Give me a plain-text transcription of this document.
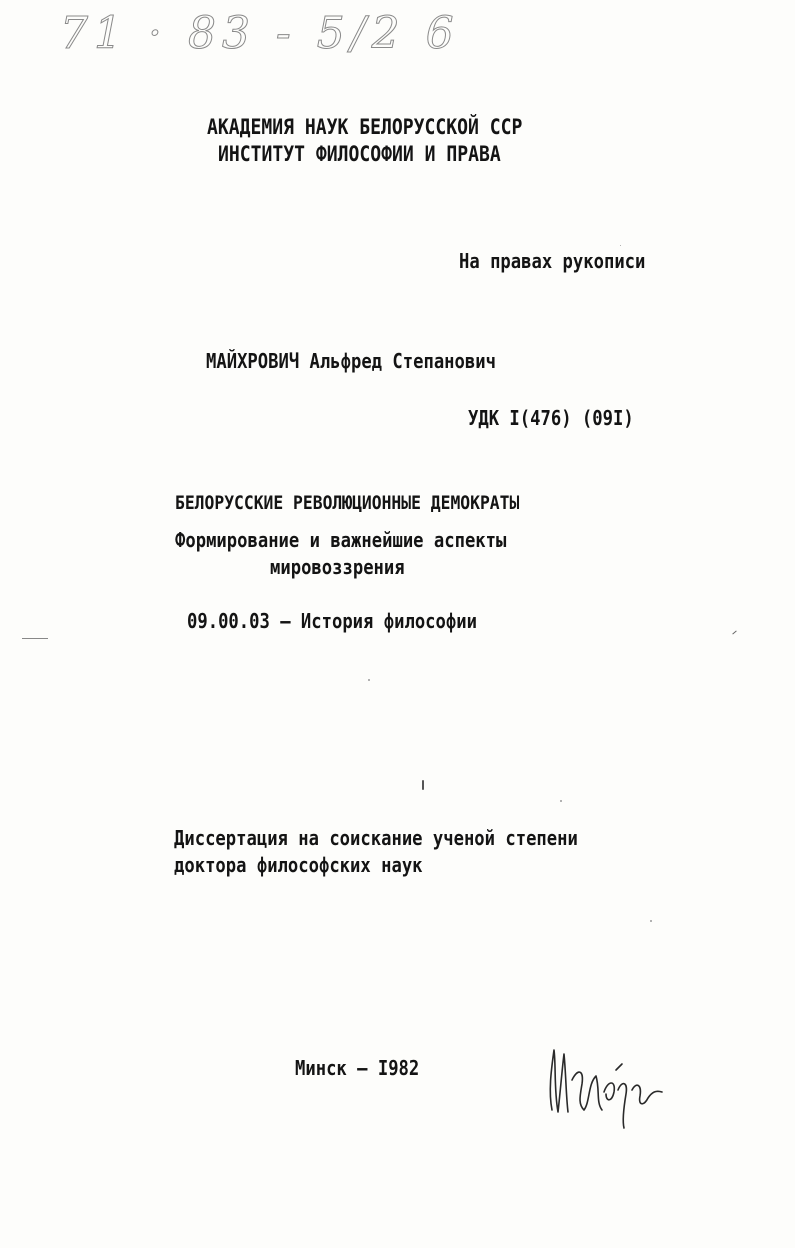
71 · 83 - 5/2 6
АКАДЕМИЯ НАУК БЕЛОРУССКОЙ ССР
ИНСТИТУТ ФИЛОСОФИИ И ПРАВА
На правах рукописи
МАЙХРОВИЧ Альфред Степанович
УДК I(476) (09I)
БЕЛОРУССКИЕ РЕВОЛЮЦИОННЫЕ ДЕМОКРАТЫ
Формирование и важнейшие аспекты
мировоззрения
09.00.03 — История философии
Диссертация на соискание ученой степени
доктора философских наук
Минск — I982
